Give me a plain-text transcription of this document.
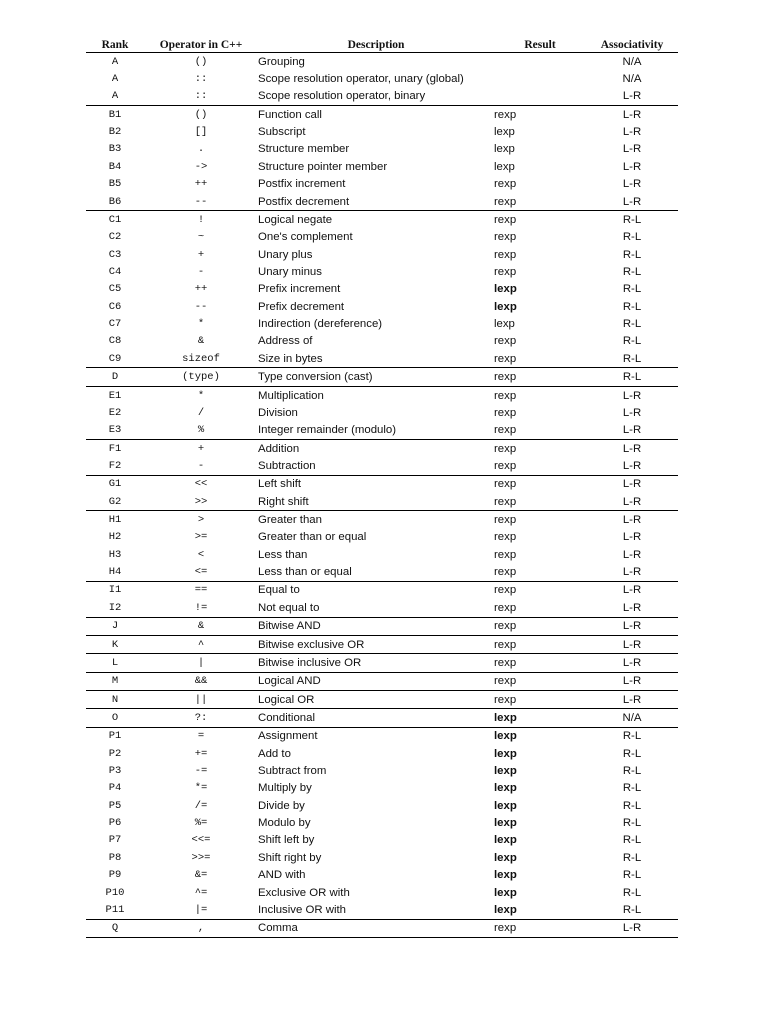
Rank	Operator in C++	Description	Result	Associativity
A	()	Grouping		N/A
A	::	Scope resolution operator, unary (global)		N/A
A	::	Scope resolution operator, binary		L-R
B1	()	Function call	rexp	L-R
B2	[]	Subscript	lexp	L-R
B3	.	Structure member	lexp	L-R
B4	->	Structure pointer member	lexp	L-R
B5	++	Postfix increment	rexp	L-R
B6	--	Postfix decrement	rexp	L-R
C1	!	Logical negate	rexp	R-L
C2	~	One's complement	rexp	R-L
C3	+	Unary plus	rexp	R-L
C4	-	Unary minus	rexp	R-L
C5	++	Prefix increment	lexp	R-L
C6	--	Prefix decrement	lexp	R-L
C7	*	Indirection (dereference)	lexp	R-L
C8	&	Address of	rexp	R-L
C9	sizeof	Size in bytes	rexp	R-L
D	(type)	Type conversion (cast)	rexp	R-L
E1	*	Multiplication	rexp	L-R
E2	/	Division	rexp	L-R
E3	%	Integer remainder (modulo)	rexp	L-R
F1	+	Addition	rexp	L-R
F2	-	Subtraction	rexp	L-R
G1	<<	Left shift	rexp	L-R
G2	>>	Right shift	rexp	L-R
H1	>	Greater than	rexp	L-R
H2	>=	Greater than or equal	rexp	L-R
H3	<	Less than	rexp	L-R
H4	<=	Less than or equal	rexp	L-R
I1	==	Equal to	rexp	L-R
I2	!=	Not equal to	rexp	L-R
J	&	Bitwise AND	rexp	L-R
K	^	Bitwise exclusive OR	rexp	L-R
L	|	Bitwise inclusive OR	rexp	L-R
M	&&	Logical AND	rexp	L-R
N	||	Logical OR	rexp	L-R
O	?:	Conditional	lexp	N/A
P1	=	Assignment	lexp	R-L
P2	+=	Add to	lexp	R-L
P3	-=	Subtract from	lexp	R-L
P4	*=	Multiply by	lexp	R-L
P5	/=	Divide by	lexp	R-L
P6	%=	Modulo by	lexp	R-L
P7	<<=	Shift left by	lexp	R-L
P8	>>=	Shift right by	lexp	R-L
P9	&=	AND with	lexp	R-L
P10	^=	Exclusive OR with	lexp	R-L
P11	|=	Inclusive OR with	lexp	R-L
Q	,	Comma	rexp	L-R
